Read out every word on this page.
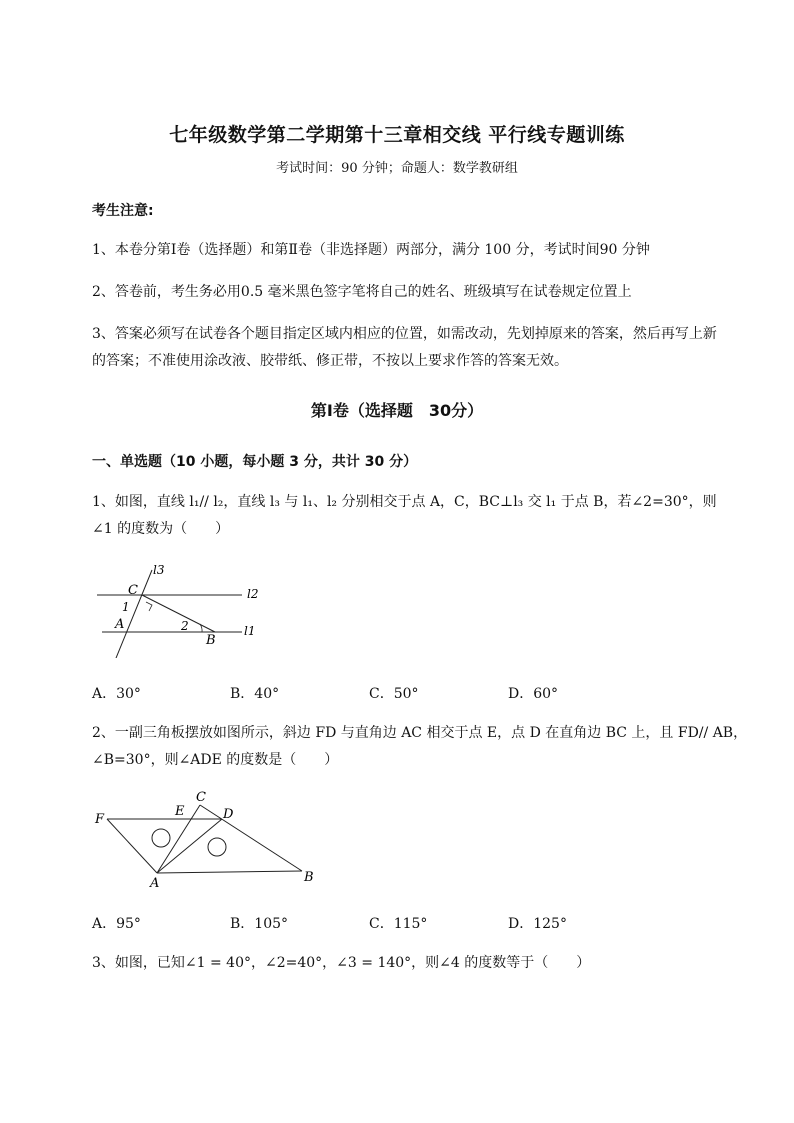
七年级数学第二学期第十三章相交线 平行线专题训练
考试时间：90 分钟；命题人：数学教研组
考生注意:
1、本卷分第Ⅰ卷（选择题）和第Ⅱ卷（非选择题）两部分，满分 100 分，考试时间90 分钟
2、答卷前，考生务必用0.5 毫米黑色签字笔将自己的姓名、班级填写在试卷规定位置上
3、答案必须写在试卷各个题目指定区域内相应的位置，如需改动，先划掉原来的答案，然后再写上新
的答案；不准使用涂改液、胶带纸、修正带，不按以上要求作答的答案无效。
第Ⅰ卷（选择题　30分）
一、单选题（10 小题，每小题 3 分，共计 30 分）
1、如图，直线 l₁// l₂，直线 l₃ 与 l₁、l₂ 分别相交于点 A，C，BC⊥l₃ 交 l₁ 于点 B，若∠2=30°，则
∠1 的度数为（　　）
l3
l2
l1
C
A
B
1
2
A．30°	B．40°	C．50°	D．60°
2、一副三角板摆放如图所示，斜边 FD 与直角边 AC 相交于点 E，点 D 在直角边 BC 上，且 FD// AB，
∠B=30°，则∠ADE 的度数是（　　）
F
E
C
D
A	B
A．95°	B．105°	C．115°	D．125°
3、如图，已知∠1 = 40°，∠2=40°，∠3 = 140°，则∠4 的度数等于（　　）
